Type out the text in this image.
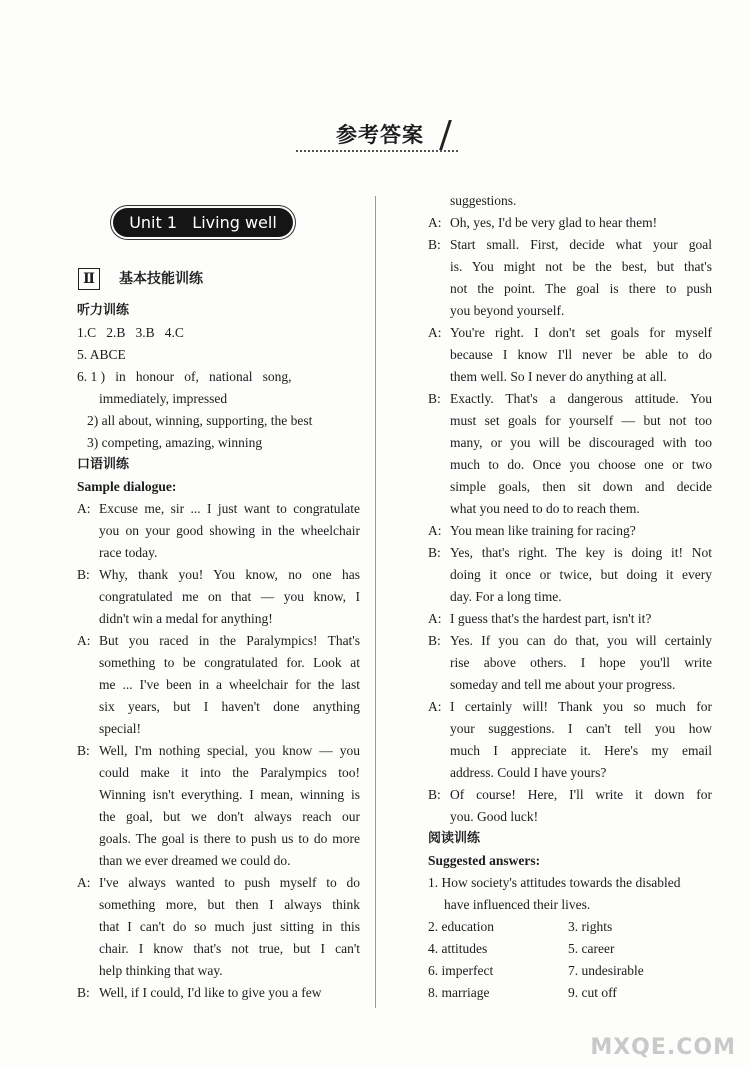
参考答案
Unit 1   Living well
Ⅱ	基本技能训练
听力训练
1.C   2.B   3.B   4.C
5. ABCE
6. 1 )   in   honour   of,   national   song,
immediately, impressed
2) all about, winning, supporting, the best
3) competing, amazing, winning
口语训练
Sample dialogue:
A: Excuse me, sir ... I just want to congratulate
you on your good showing in the wheelchair
race today.
B: Why, thank you! You know, no one has
congratulated me on that — you know, I
didn't win a medal for anything!
A: But you raced in the Paralympics! That's
something to be congratulated for. Look at
me ... I've been in a wheelchair for the last
six years, but I haven't done anything
special!
B: Well, I'm nothing special, you know — you
could make it into the Paralympics too!
Winning isn't everything. I mean, winning is
the goal, but we don't always reach our
goals. The goal is there to push us to do more
than we ever dreamed we could do.
A: I've always wanted to push myself to do
something more, but then I always think
that I can't do so much just sitting in this
chair. I know that's not true, but I can't
help thinking that way.
B: Well, if I could, I'd like to give you a few
suggestions.
A: Oh, yes, I'd be very glad to hear them!
B: Start small. First, decide what your goal
is. You might not be the best, but that's
not the point. The goal is there to push
you beyond yourself.
A: You're right. I don't set goals for myself
because I know I'll never be able to do
them well. So I never do anything at all.
B: Exactly. That's a dangerous attitude. You
must set goals for yourself — but not too
many, or you will be discouraged with too
much to do. Once you choose one or two
simple goals, then sit down and decide
what you need to do to reach them.
A: You mean like training for racing?
B: Yes, that's right. The key is doing it! Not
doing it once or twice, but doing it every
day. For a long time.
A: I guess that's the hardest part, isn't it?
B: Yes. If you can do that, you will certainly
rise above others. I hope you'll write
someday and tell me about your progress.
A: I certainly will! Thank you so much for
your suggestions. I can't tell you how
much I appreciate it. Here's my email
address. Could I have yours?
B: Of course! Here, I'll write it down for
you. Good luck!
阅读训练
Suggested answers:
1. How society's attitudes towards the disabled
have influenced their lives.
2. education	3. rights
4. attitudes	5. career
6. imperfect	7. undesirable
8. marriage	9. cut off
MXQE.COM
